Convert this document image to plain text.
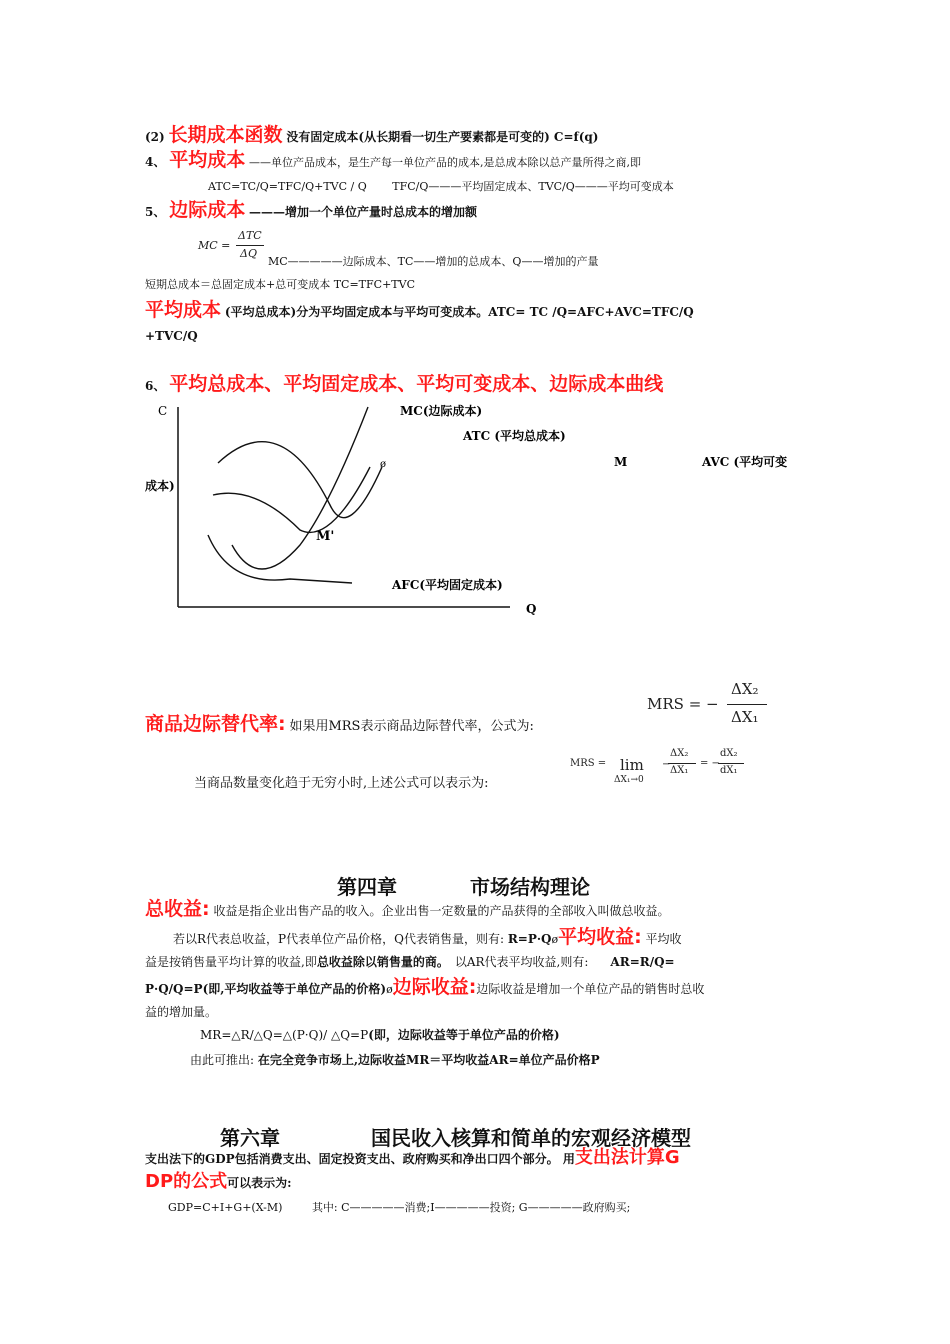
(2) 长期成本函数 没有固定成本(从长期看一切生产要素都是可变的) C=f(q)
4、 平均成本 ——单位产品成本，是生产每一单位产品的成本,是总成本除以总产量所得之商,即
ATC=TC/Q=TFC/Q+TVC / Q TFC/Q———平均固定成本、TVC/Q———平均可变成本
5、 边际成本 ———增加一个单位产量时总成本的增加额
MC =
ΔTC
ΔQ
MC—————边际成本、TC——增加的总成本、Q——增加的产量
短期总成本＝总固定成本+总可变成本 TC=TFC+TVC
平均成本 (平均总成本)分为平均固定成本与平均可变成本。ATC= TC /Q=AFC+AVC=TFC/Q
+TVC/Q
6、 平均总成本、平均固定成本、平均可变成本、边际成本曲线
C	MC(边际成本)
ATC (平均总成本)
ø	M	AVC (平均可变
成本)
M'
AFC(平均固定成本)
Q
MRS = −
ΔX₂
ΔX₁
商品边际替代率: 如果用MRS表示商品边际替代率，公式为:
MRS = lim
ΔX₁→0
−
ΔX₂
ΔX₁
= −
dX₂
dX₁
当商品数量变化趋于无穷小时,上述公式可以表示为:
第四章	市场结构理论
总收益: 收益是指企业出售产品的收入。企业出售一定数量的产品获得的全部收入叫做总收益。
若以R代表总收益，P代表单位产品价格，Q代表销售量，则有: R=P·Qø平均收益: 平均收
益是按销售量平均计算的收益,即总收益除以销售量的商。 以AR代表平均收益,则有: AR=R/Q=
P·Q/Q=P(即,平均收益等于单位产品的价格)ø边际收益:边际收益是增加一个单位产品的销售时总收
益的增加量。
MR=△R/△Q=△(P·Q)/ △Q=P(即，边际收益等于单位产品的价格)
由此可推出: 在完全竞争市场上,边际收益MR＝平均收益AR=单位产品价格P
第六章	国民收入核算和简单的宏观经济模型
支出法下的GDP包括消费支出、固定投资支出、政府购买和净出口四个部分。 用支出法计算G
DP的公式可以表示为:
GDP=C+I+G+(X-M)	其中: C—————消费;I—————投资; G—————政府购买;
